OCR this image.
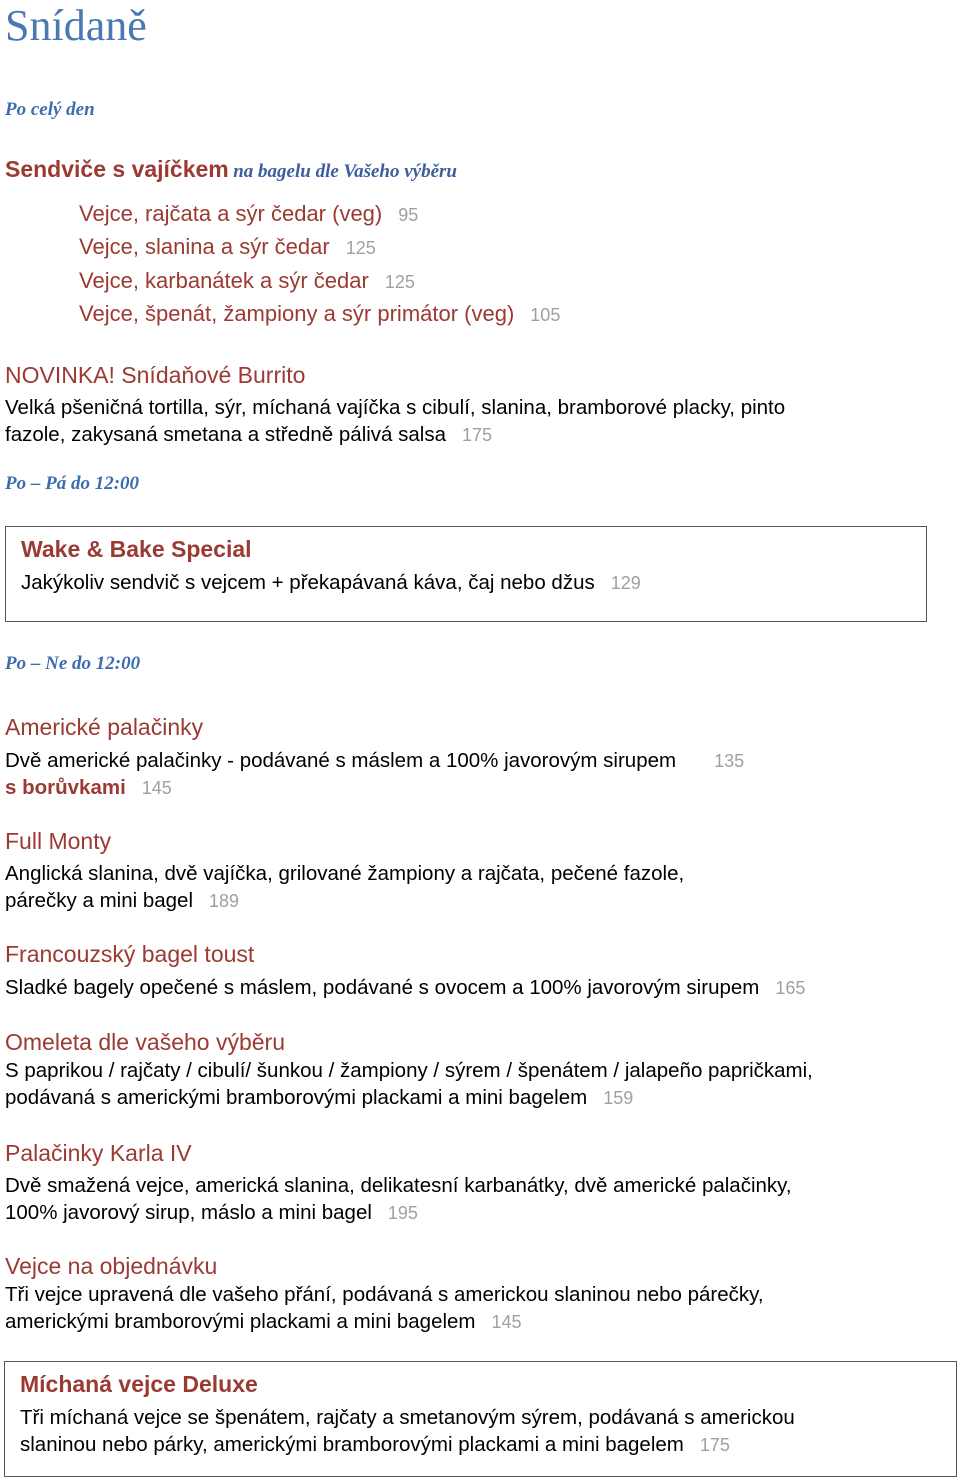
Snídaně
Po celý den
Sendviče s vajíčkem na bagelu dle Vašeho výběru
Vejce, rajčata a sýr čedar (veg) 95
Vejce, slanina a sýr čedar 125
Vejce, karbanátek a sýr čedar 125
Vejce, špenát, žampiony a sýr primátor (veg) 105
NOVINKA! Snídaňové Burrito
Velká pšeničná tortilla, sýr, míchaná vajíčka s cibulí, slanina, bramborové placky, pinto
fazole, zakysaná smetana a středně pálivá salsa 175
Po – Pá do 12:00
Wake & Bake Special
Jakýkoliv sendvič s vejcem + překapávaná káva, čaj nebo džus 129
Po – Ne do 12:00
Americké palačinky
Dvě americké palačinky - podávané s máslem a 100% javorovým sirupem 135
s borůvkami 145
Full Monty
Anglická slanina, dvě vajíčka, grilované žampiony a rajčata, pečené fazole,
párečky a mini bagel 189
Francouzský bagel toust
Sladké bagely opečené s máslem, podávané s ovocem a 100% javorovým sirupem 165
Omeleta dle vašeho výběru
S paprikou / rajčaty / cibulí/ šunkou / žampiony / sýrem / špenátem / jalapeño papričkami,
podávaná s americkými bramborovými plackami a mini bagelem 159
Palačinky Karla IV
Dvě smažená vejce, americká slanina, delikatesní karbanátky, dvě americké palačinky,
100% javorový sirup, máslo a mini bagel 195
Vejce na objednávku
Tři vejce upravená dle vašeho přání, podávaná s americkou slaninou nebo párečky,
americkými bramborovými plackami a mini bagelem 145
Míchaná vejce Deluxe
Tři míchaná vejce se špenátem, rajčaty a smetanovým sýrem, podávaná s americkou
slaninou nebo párky, americkými bramborovými plackami a mini bagelem 175
